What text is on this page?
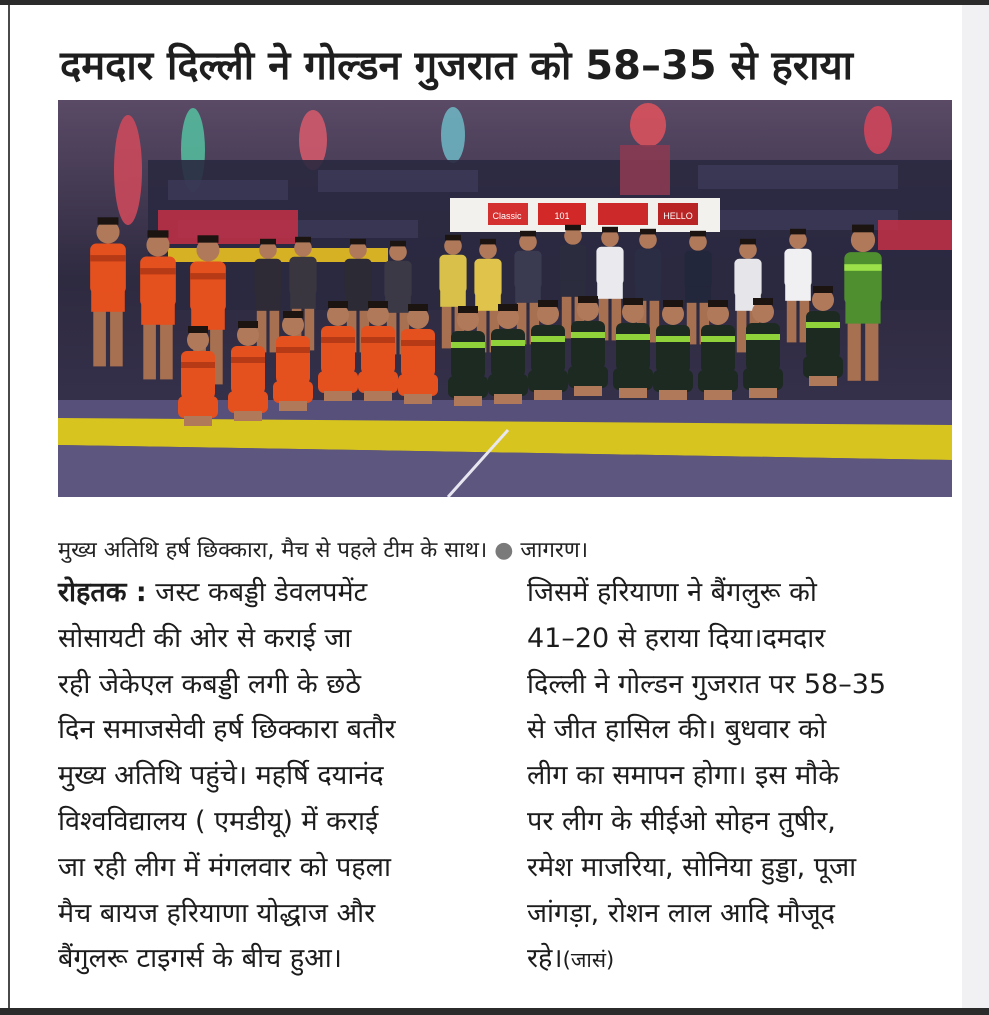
दमदार दिल्ली ने गोल्डन गुजरात को 58–35 से हराया
Classic	101	HELLO

मुख्य अतिथि हर्ष छिक्कारा, मैच से पहले टीम के साथ। ● जागरण।

रोहतक : जस्ट कबड्डी डेवलपमेंट
सोसायटी की ओर से कराई जा
रही जेकेएल कबड्डी लगी के छठे
दिन समाजसेवी हर्ष छिक्कारा बतौर
मुख्य अतिथि पहुंचे। महर्षि दयानंद
विश्वविद्यालय ( एमडीयू) में कराई
जा रही लीग में मंगलवार को पहला
मैच बायज हरियाणा योद्धाज और
बैंगुलरू टाइगर्स के बीच हुआ।
जिसमें हरियाणा ने बैंगलुरू को
41–20 से हराया दिया।दमदार
दिल्ली ने गोल्डन गुजरात पर 58–35
से जीत हासिल की। बुधवार को
लीग का समापन होगा। इस मौके
पर लीग के सीईओ सोहन तुषीर,
रमेश माजरिया, सोनिया हुड्डा, पूजा
जांगड़ा, रोशन लाल आदि मौजूद
रहे।(जासं)
